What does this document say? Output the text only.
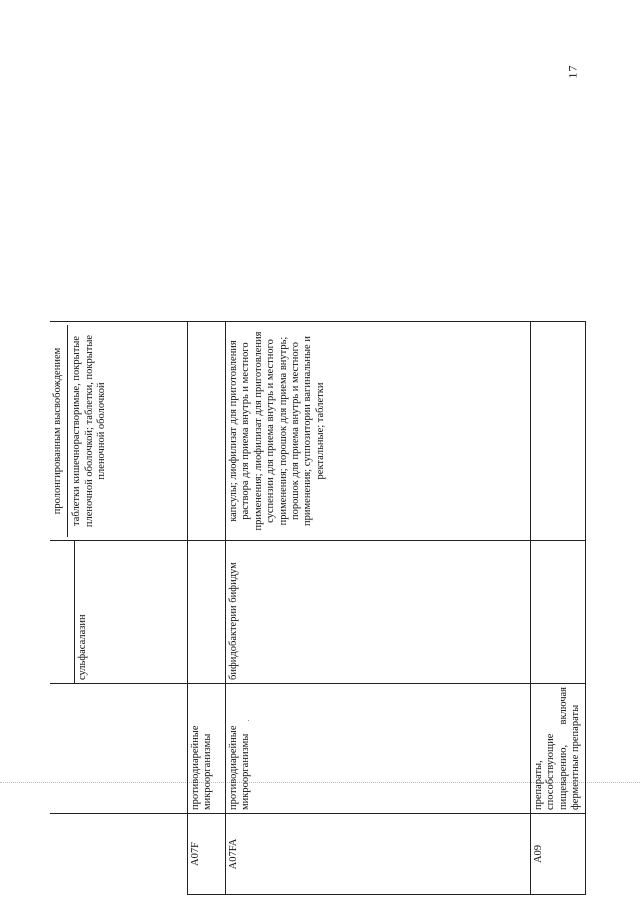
17

		сульфасалазин	пролонгированным высвобождением таблетки кишечнорастворимые, покрытые пленочной оболочкой; таблетки, покрытые пленочной оболочкой

A07F	противодиарейные микроорганизмы		
A07FA	противодиарейные микроорганизмы	бифидобактерии бифидум	капсулы; лиофилизат для приготовления раствора для приема внутрь и местного применения; лиофилизат для приготовления суспензии для приема внутрь и местного применения; порошок для приема внутрь; порошок для приема внутрь и местного применения; суппозитории вагинальные и ректальные; таблетки
A09	препараты, способствующие пищеварению,
включая ферментные препараты		
